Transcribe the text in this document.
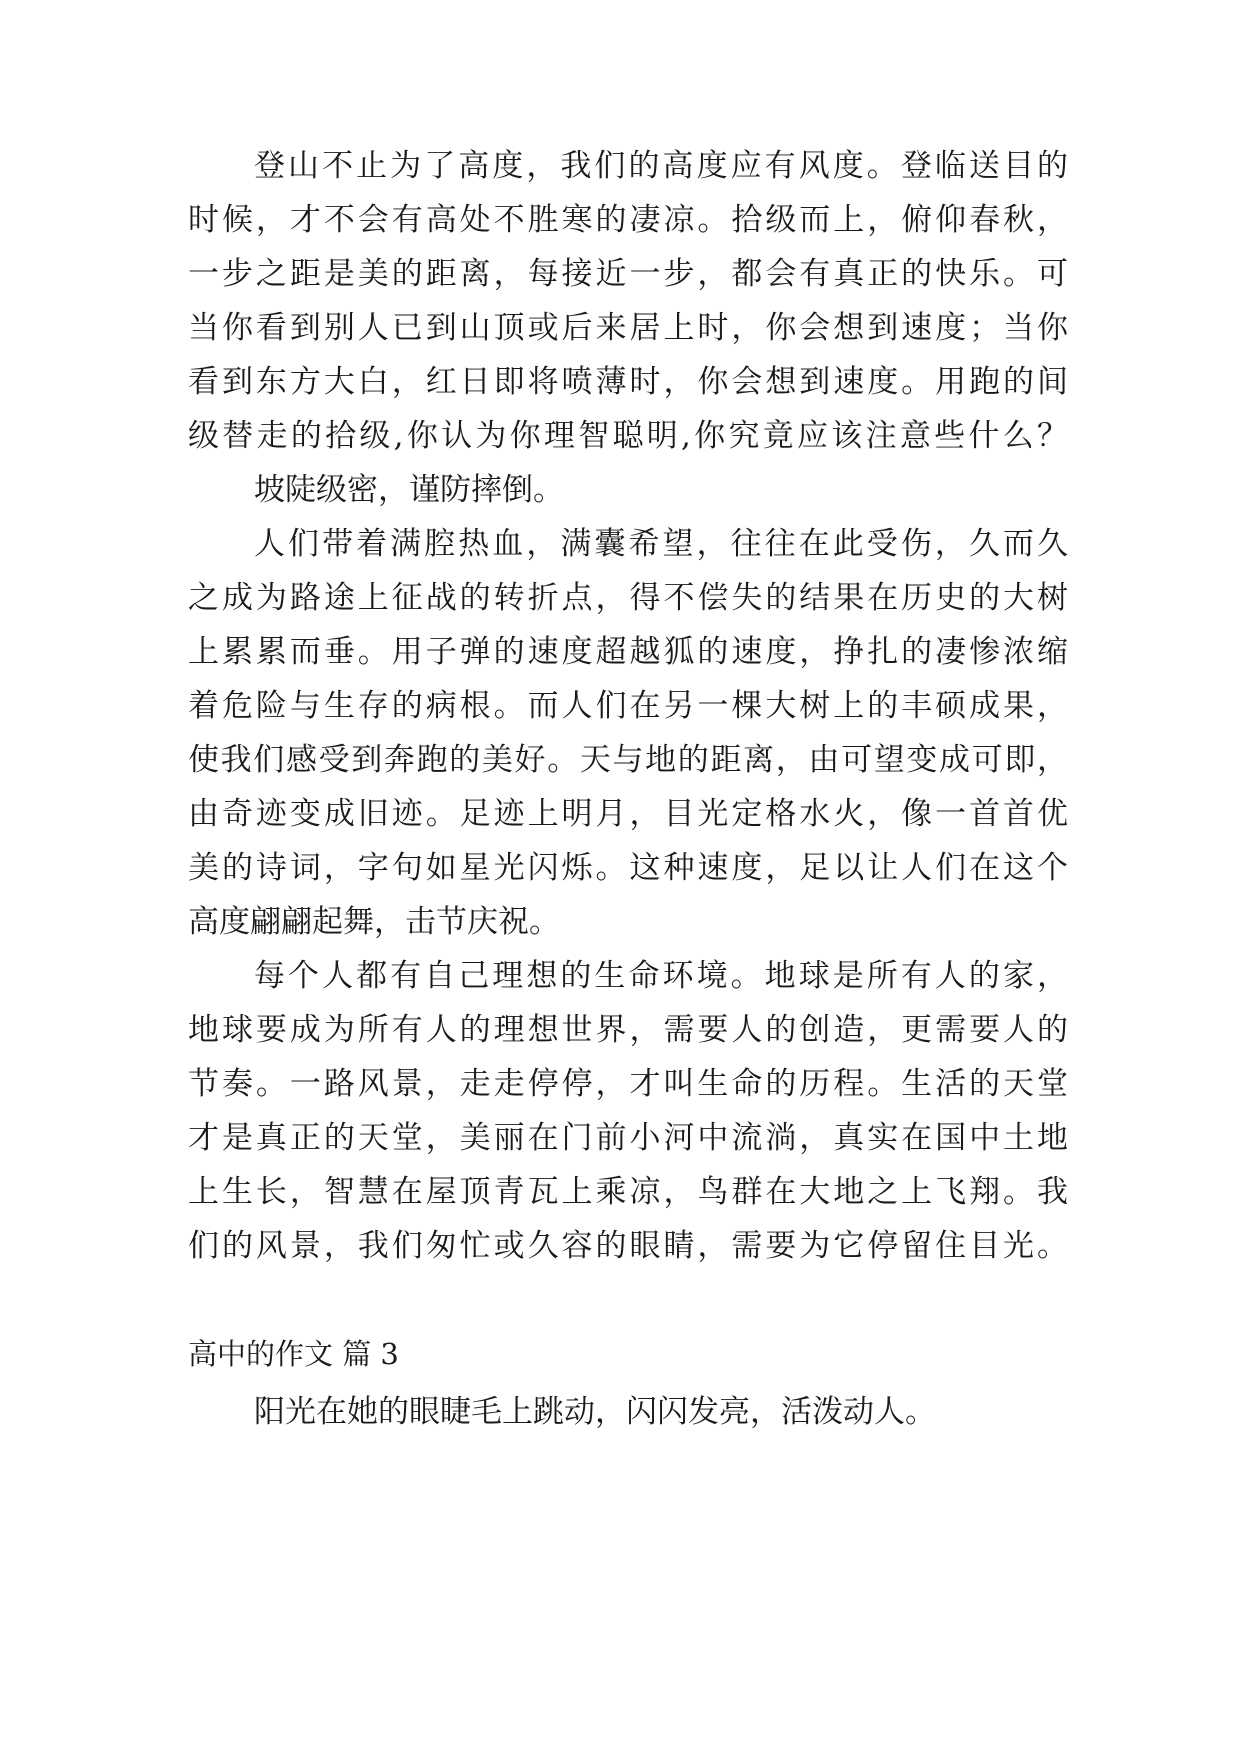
登山不止为了高度，我们的高度应有风度。登临送目的
时候，才不会有高处不胜寒的凄凉。拾级而上，俯仰春秋，
一步之距是美的距离，每接近一步，都会有真正的快乐。可
当你看到别人已到山顶或后来居上时，你会想到速度；当你
看到东方大白，红日即将喷薄时，你会想到速度。用跑的间
级替走的拾级,你认为你理智聪明,你究竟应该注意些什么？
坡陡级密，谨防摔倒。
人们带着满腔热血，满囊希望，往往在此受伤，久而久
之成为路途上征战的转折点，得不偿失的结果在历史的大树
上累累而垂。用子弹的速度超越狐的速度，挣扎的凄惨浓缩
着危险与生存的病根。而人们在另一棵大树上的丰硕成果，
使我们感受到奔跑的美好。天与地的距离，由可望变成可即，
由奇迹变成旧迹。足迹上明月，目光定格水火，像一首首优
美的诗词，字句如星光闪烁。这种速度，足以让人们在这个
高度翩翩起舞，击节庆祝。
每个人都有自己理想的生命环境。地球是所有人的家，
地球要成为所有人的理想世界，需要人的创造，更需要人的
节奏。一路风景，走走停停，才叫生命的历程。生活的天堂
才是真正的天堂，美丽在门前小河中流淌，真实在国中土地
上生长，智慧在屋顶青瓦上乘凉，鸟群在大地之上飞翔。我
们的风景，我们匆忙或久容的眼睛，需要为它停留住目光。
高中的作文 篇 3
阳光在她的眼睫毛上跳动，闪闪发亮，活泼动人。
